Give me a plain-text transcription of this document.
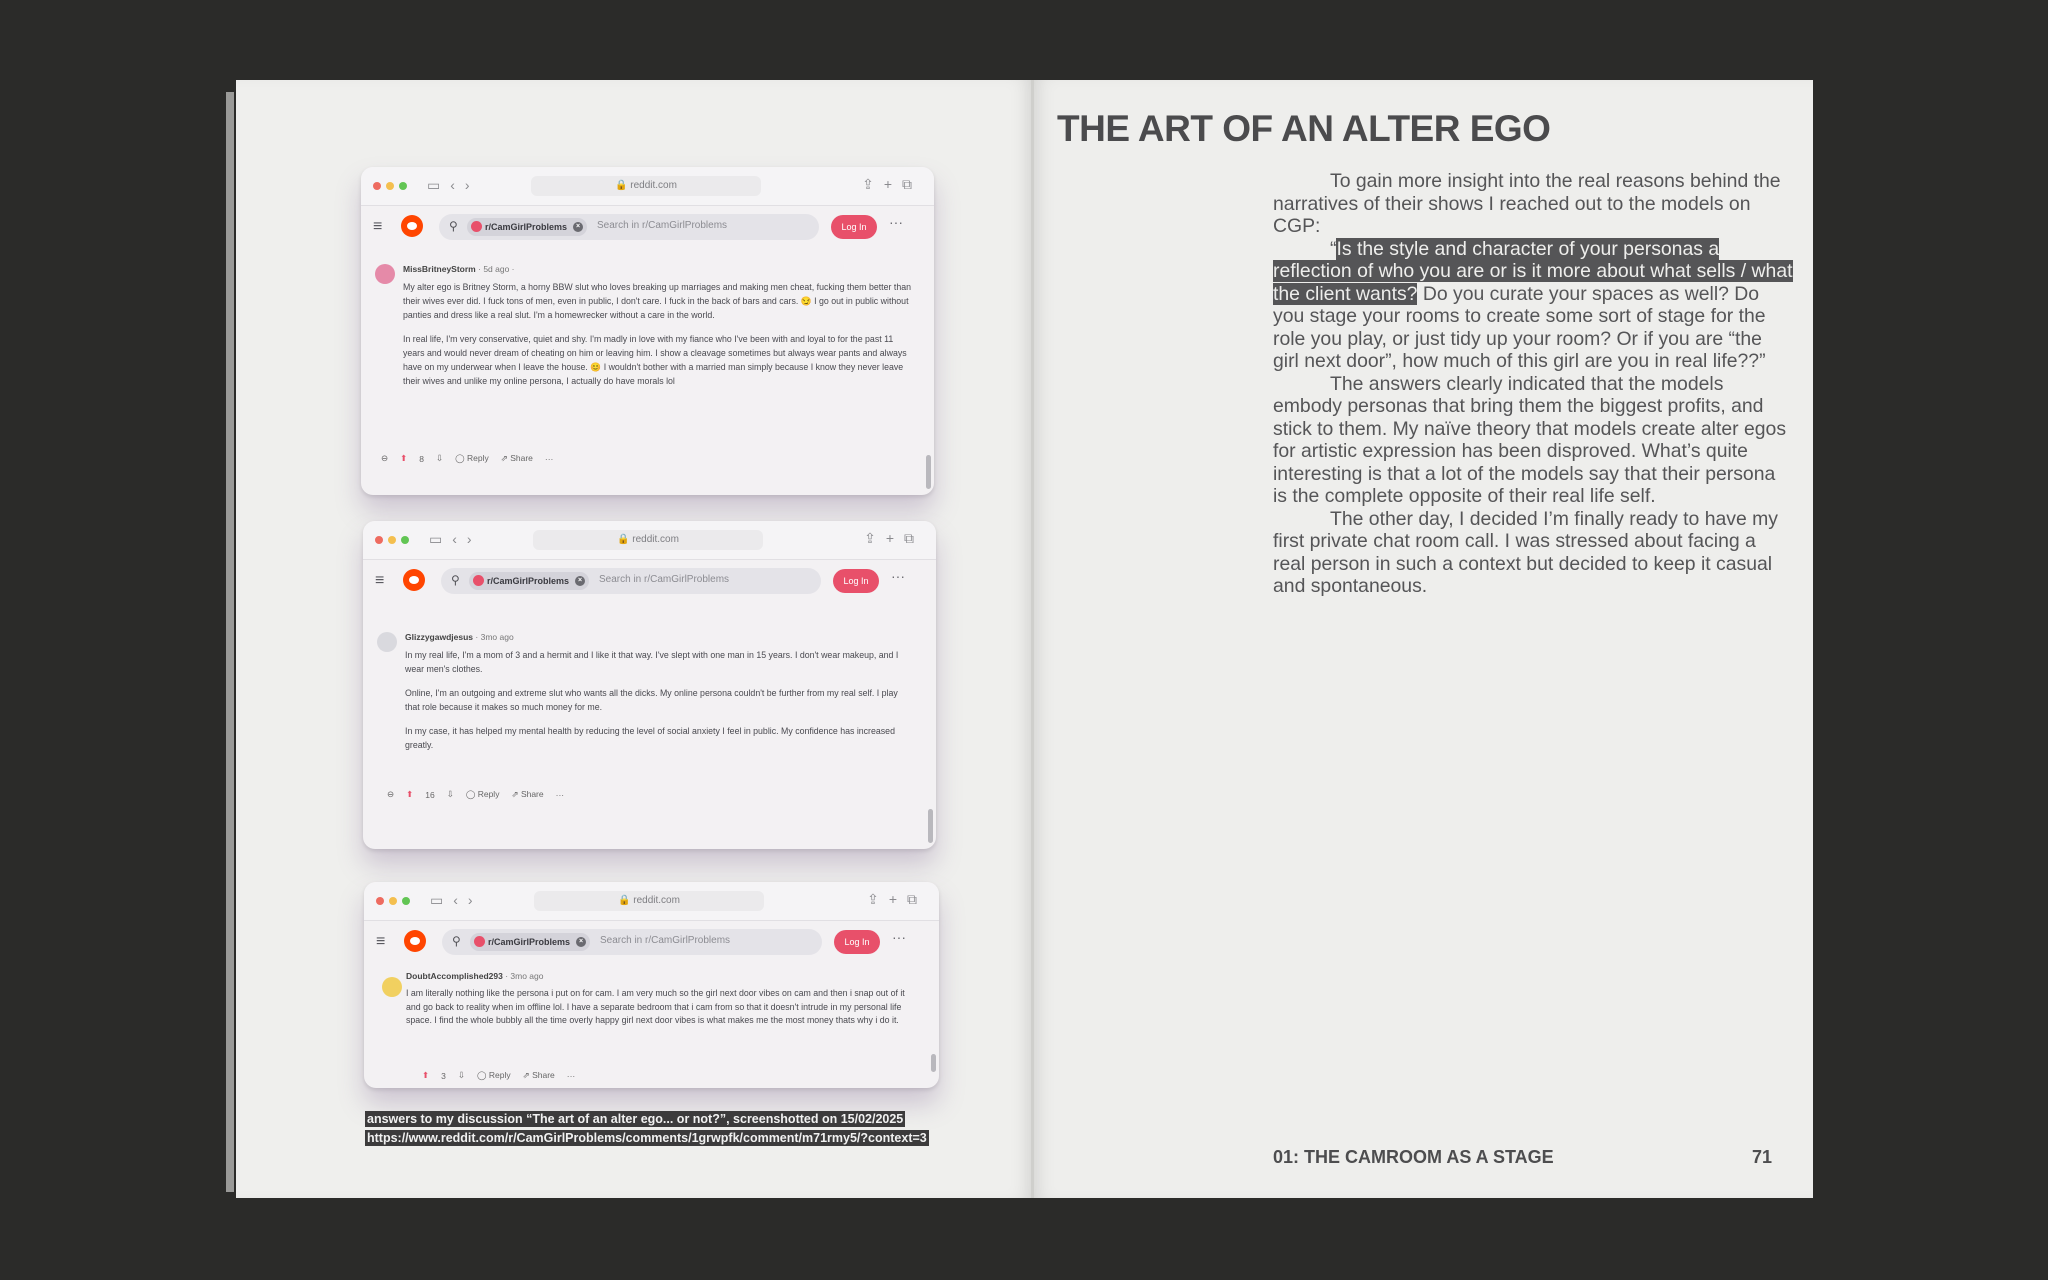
▭‹›	🔒 reddit.com	⇪+⧉
≡	⚲	r/CamGirlProblems	× Search in r/CamGirlProblems	Log In	···
MissBritneyStorm · 5d ago ·

My alter ego is Britney Storm, a horny BBW slut who loves breaking up marriages and making men cheat, fucking them better than their wives ever did. I fuck tons of men, even in public, I don't care. I fuck in the back of bars and cars. 😏 I go out in public without panties and dress like a real slut. I'm a homewrecker without a care in the world.

In real life, I'm very conservative, quiet and shy. I'm madly in love with my fiance who I've been with and loyal to for the past 11 years and would never dream of cheating on him or leaving him. I show a cleavage sometimes but always wear pants and always have on my underwear when I leave the house. 😊 I wouldn't bother with a married man simply because I know they never leave their wives and unlike my online persona, I actually do have morals lol

⊖ ⬆ 8 ⇩ ◯ Reply ⇗ Share ···
▭‹›	🔒 reddit.com	⇪+⧉
≡	⚲	r/CamGirlProblems	× Search in r/CamGirlProblems	Log In	···
Glizzygawdjesus · 3mo ago

In my real life, I'm a mom of 3 and a hermit and I like it that way. I've slept with one man in 15 years. I don't wear makeup, and I wear men's clothes.

Online, I'm an outgoing and extreme slut who wants all the dicks. My online persona couldn't be further from my real self. I play that role because it makes so much money for me.

In my case, it has helped my mental health by reducing the level of social anxiety I feel in public. My confidence has increased greatly.

⊖ ⬆ 16 ⇩ ◯ Reply ⇗ Share ···
▭‹›	🔒 reddit.com	⇪+⧉
≡	⚲	r/CamGirlProblems	× Search in r/CamGirlProblems	Log In	···
DoubtAccomplished293 · 3mo ago

I am literally nothing like the persona i put on for cam. I am very much so the girl next door vibes on cam and then i snap out of it and go back to reality when im offline lol. I have a separate bedroom that i cam from so that it doesn't intrude in my personal life space. I find the whole bubbly all the time overly happy girl next door vibes is what makes me the most money thats why i do it.

⬆ 3 ⇩ ◯ Reply ⇗ Share ···
answers to my discussion “The art of an alter ego... or not?”, screenshotted on 15/02/2025
https://www.reddit.com/r/CamGirlProblems/comments/1grwpfk/comment/m71rmy5/?context=3
THE ART OF AN ALTER EGO

To gain more insight into the real reasons behind the narratives of their shows I reached out to the models on CGP:

“Is the style and character of your personas a reflection of who you are or is it more about what sells / what the client wants? Do you curate your spaces as well? Do you stage your rooms to create some sort of stage for the role you play, or just tidy up your room? Or if you are “the girl next door”, how much of this girl are you in real life??”

The answers clearly indicated that the models embody personas that bring them the biggest profits, and stick to them. My naïve theory that models create alter egos for artistic expression has been disproved. What’s quite interesting is that a lot of the models say that their persona is the complete opposite of their real life self.

The other day, I decided I’m finally ready to have my first private chat room call. I was stressed about facing a real person in such a context but decided to keep it casual and spontaneous.

01: THE CAMROOM AS A STAGE	71
